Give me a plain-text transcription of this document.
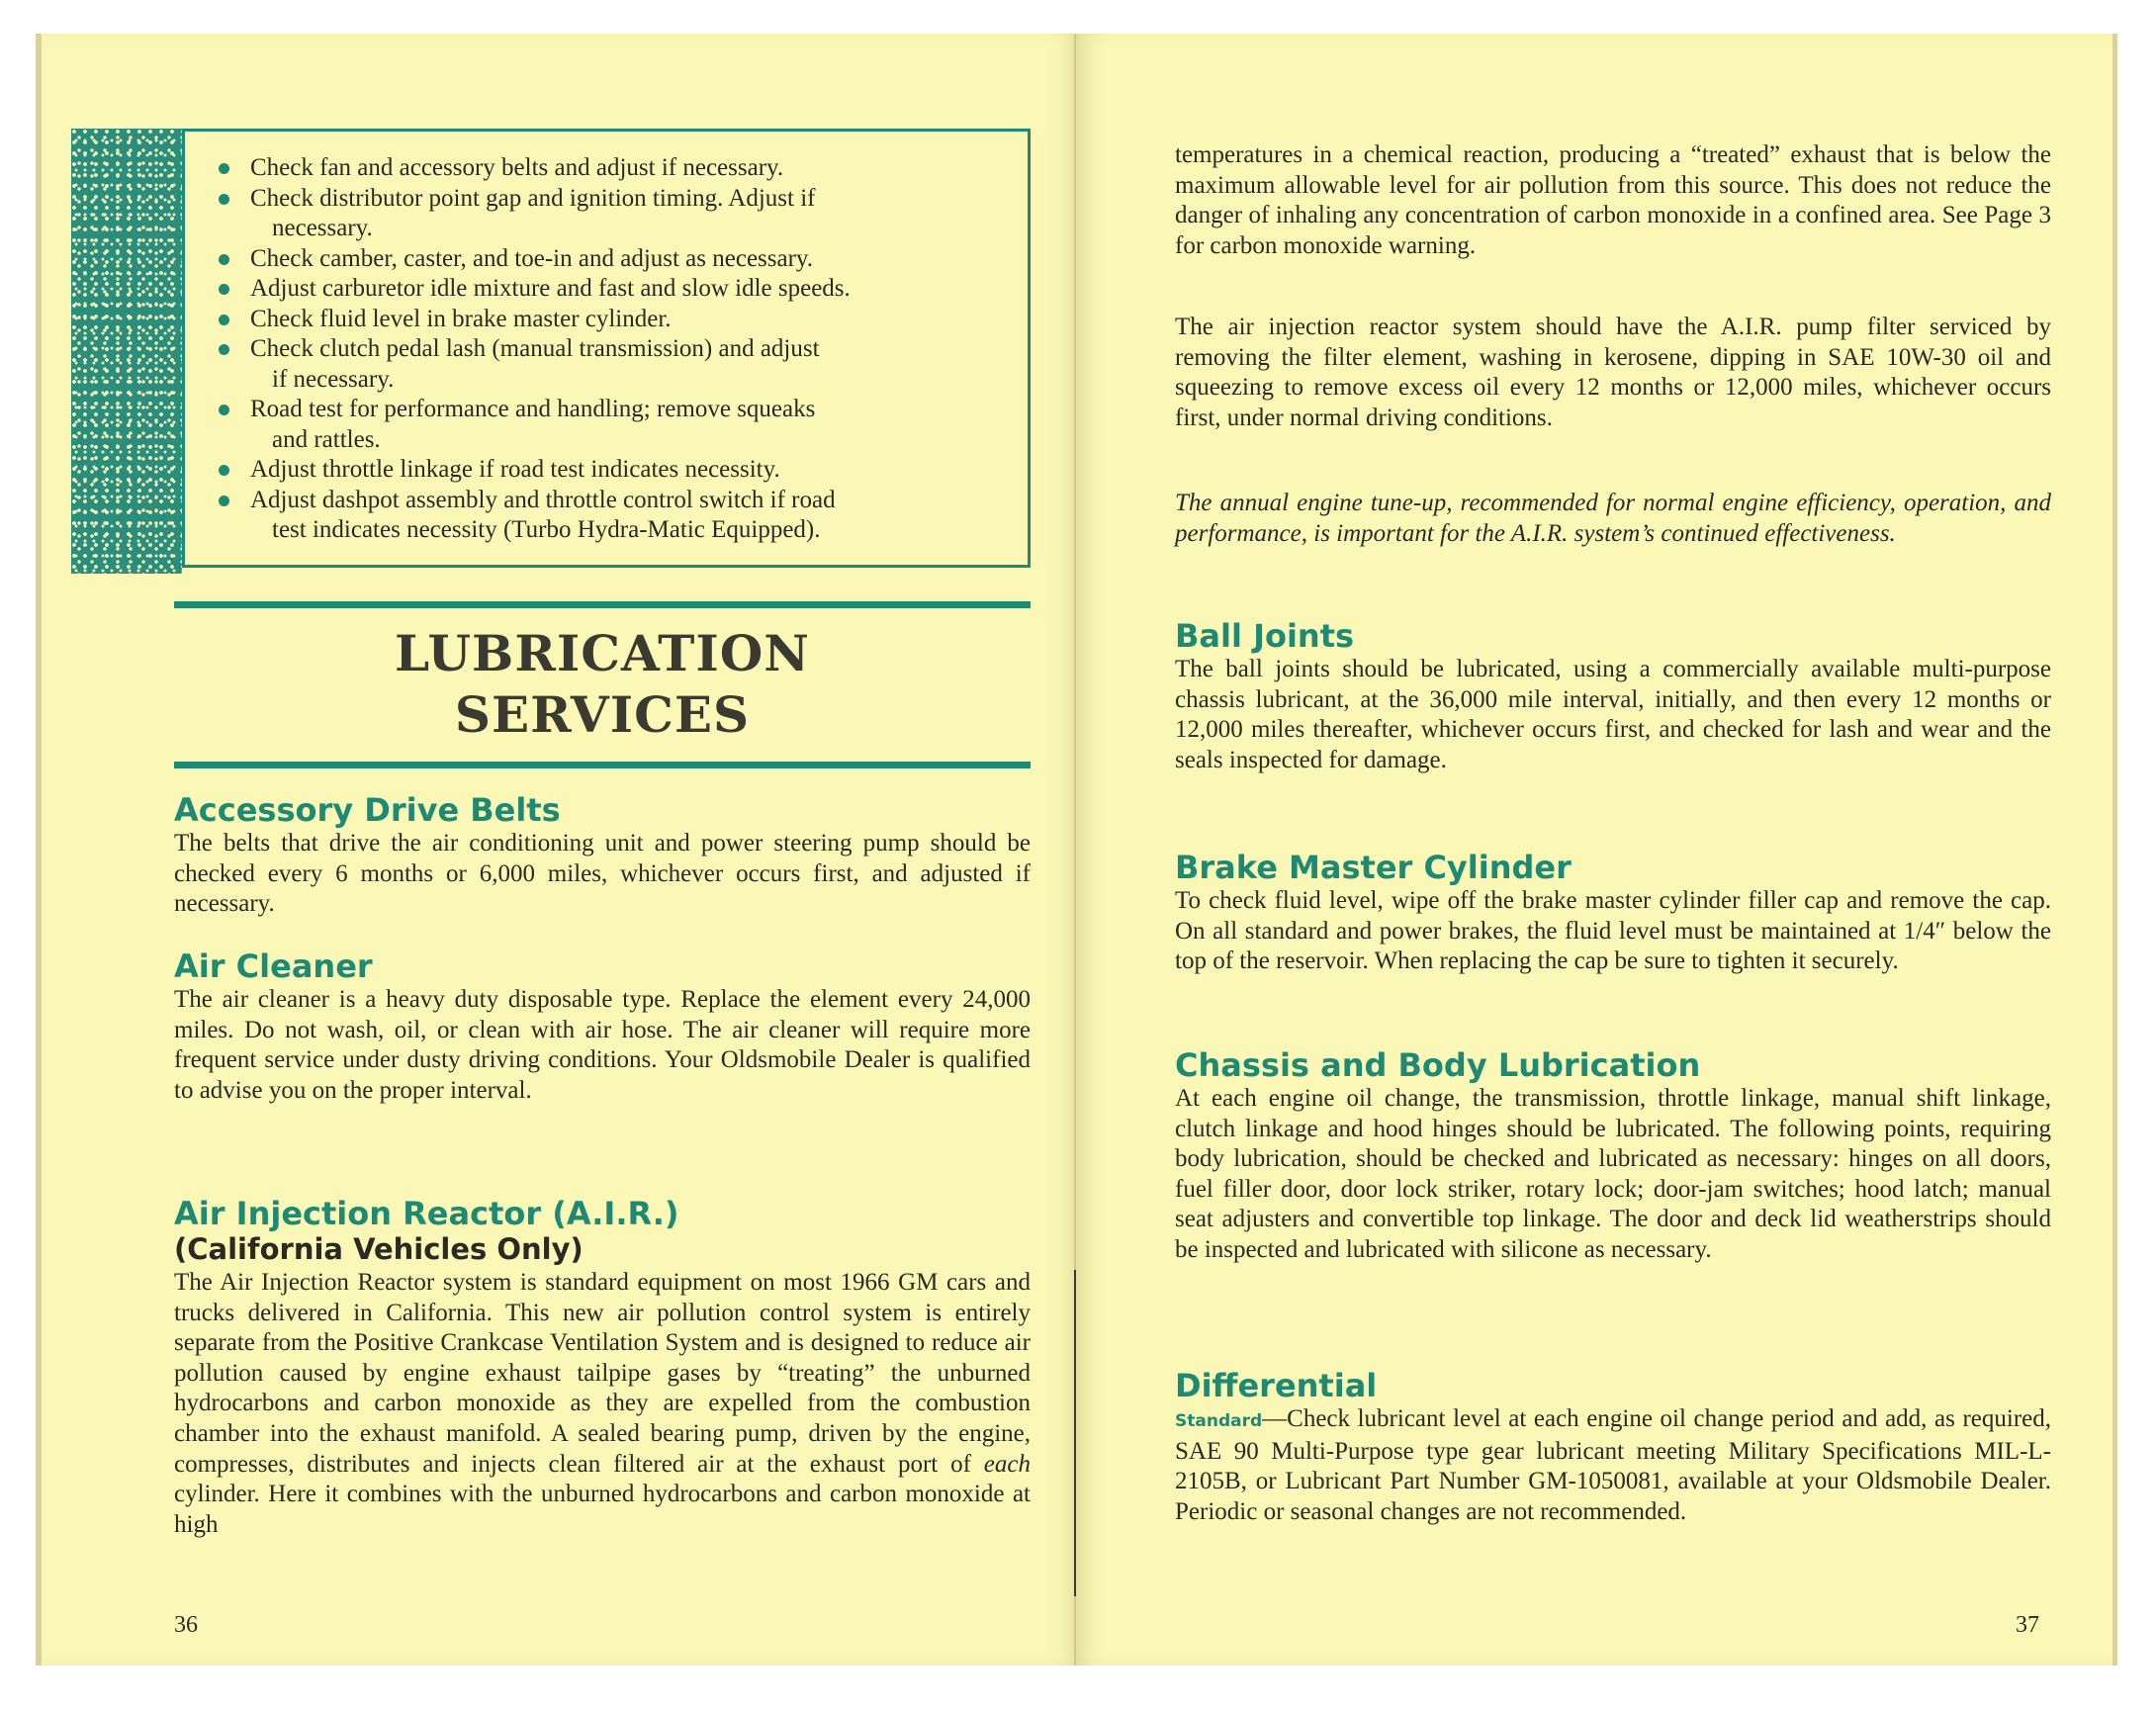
Check fan and accessory belts and adjust if necessary.
Check distributor point gap and ignition timing. Adjust if
necessary.
Check camber, caster, and toe-in and adjust as necessary.
Adjust carburetor idle mixture and fast and slow idle speeds.
Check fluid level in brake master cylinder.
Check clutch pedal lash (manual transmission) and adjust
if necessary.
Road test for performance and handling; remove squeaks
and rattles.
Adjust throttle linkage if road test indicates necessity.
Adjust dashpot assembly and throttle control switch if road
test indicates necessity (Turbo Hydra-Matic Equipped).
LUBRICATION
SERVICES
Accessory Drive Belts

The belts that drive the air conditioning unit and power steering pump should be checked every 6 months or 6,000 miles, whichever occurs first, and adjusted if necessary.

Air Cleaner

The air cleaner is a heavy duty disposable type. Replace the element every 24,000 miles. Do not wash, oil, or clean with air hose. The air cleaner will require more frequent service under dusty driving conditions. Your Oldsmobile Dealer is qualified to advise you on the proper interval.

Air Injection Reactor (A.I.R.)
(California Vehicles Only)

The Air Injection Reactor system is standard equipment on most 1966 GM cars and trucks delivered in California. This new air pollution control system is entirely separate from the Positive Crankcase Ventilation System and is designed to reduce air pollution caused by engine exhaust tailpipe gases by “treating” the unburned hydrocarbons and carbon monoxide as they are expelled from the combustion chamber into the exhaust manifold. A sealed bearing pump, driven by the engine, compresses, distributes and injects clean filtered air at the exhaust port of each cylinder. Here it combines with the unburned hydrocarbons and carbon monoxide at high

36

temperatures in a chemical reaction, producing a “treated” exhaust that is below the maximum allowable level for air pollution from this source. This does not reduce the danger of inhaling any concentration of carbon monoxide in a confined area. See Page 3 for carbon monoxide warning.

The air injection reactor system should have the A.I.R. pump filter serviced by removing the filter element, washing in kerosene, dipping in SAE 10W-30 oil and squeezing to remove excess oil every 12 months or 12,000 miles, whichever occurs first, under normal driving conditions.

The annual engine tune-up, recommended for normal engine efficiency, operation, and performance, is important for the A.I.R. system’s continued effectiveness.

Ball Joints

The ball joints should be lubricated, using a commercially available multi-purpose chassis lubricant, at the 36,000 mile interval, initially, and then every 12 months or 12,000 miles thereafter, whichever occurs first, and checked for lash and wear and the seals inspected for damage.

Brake Master Cylinder

To check fluid level, wipe off the brake master cylinder filler cap and remove the cap. On all standard and power brakes, the fluid level must be maintained at 1/4″ below the top of the reservoir. When replacing the cap be sure to tighten it securely.

Chassis and Body Lubrication

At each engine oil change, the transmission, throttle linkage, manual shift linkage, clutch linkage and hood hinges should be lubricated. The following points, requiring body lubrication, should be checked and lubricated as necessary: hinges on all doors, fuel filler door, door lock striker, rotary lock; door-jam switches; hood latch; manual seat adjusters and convertible top linkage. The door and deck lid weatherstrips should be inspected and lubricated with silicone as necessary.

Differential

Standard—Check lubricant level at each engine oil change period and add, as required, SAE 90 Multi-Purpose type gear lubricant meeting Military Specifications MIL-L-2105B, or Lubricant Part Number GM-1050081, available at your Oldsmobile Dealer. Periodic or seasonal changes are not recommended.

37
